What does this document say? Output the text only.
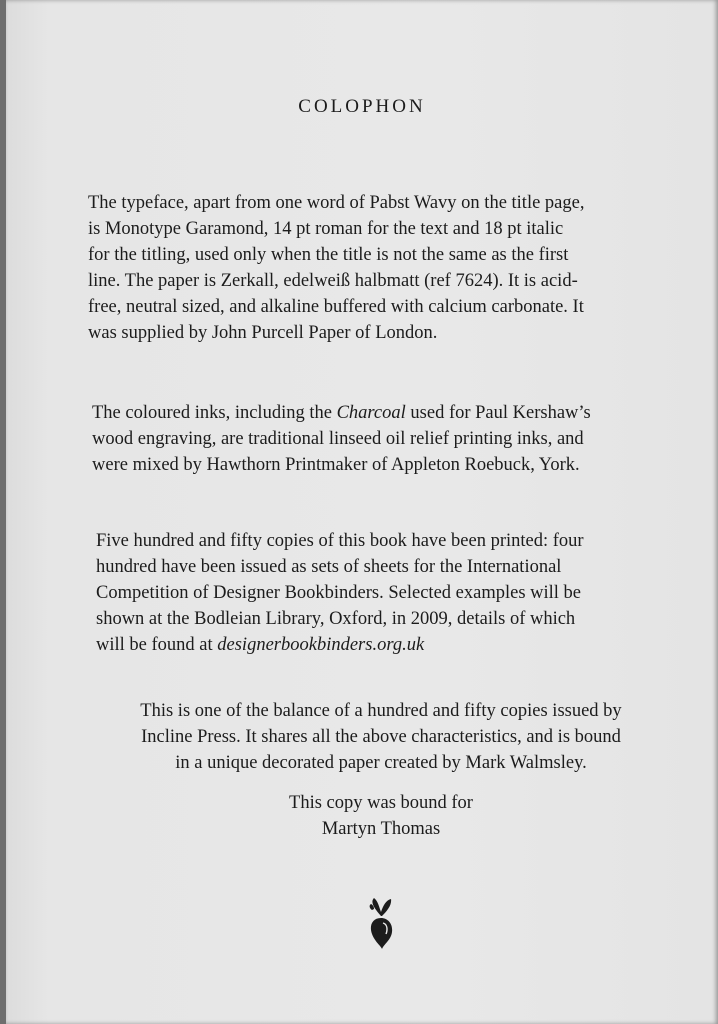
COLOPHON

The typeface, apart from one word of Pabst Wavy on the title page,
is Monotype Garamond, 14 pt roman for the text and 18 pt italic
for the titling, used only when the title is not the same as the first
line. The paper is Zerkall, edelweiß halbmatt (ref 7624). It is acid-
free, neutral sized, and alkaline buffered with calcium carbonate. It
was supplied by John Purcell Paper of London.

The coloured inks, including the Charcoal used for Paul Kershaw’s
wood engraving, are traditional linseed oil relief printing inks, and
were mixed by Hawthorn Printmaker of Appleton Roebuck, York.

Five hundred and fifty copies of this book have been printed: four
hundred have been issued as sets of sheets for the International
Competition of Designer Bookbinders. Selected examples will be
shown at the Bodleian Library, Oxford, in 2009, details of which
will be found at designerbookbinders.org.uk

This is one of the balance of a hundred and fifty copies issued by
Incline Press. It shares all the above characteristics, and is bound
in a unique decorated paper created by Mark Walmsley.

This copy was bound for
Martyn Thomas
